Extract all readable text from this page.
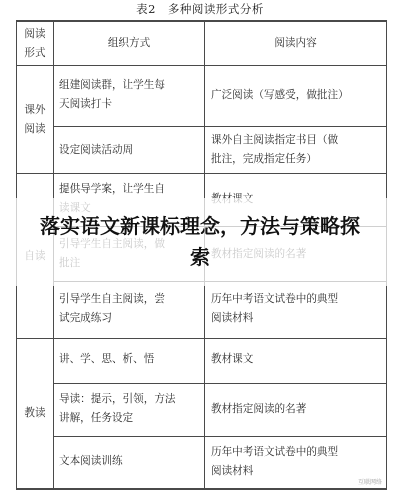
表2　多种阅读形式分析
阅读
形式
组织方式	阅读内容
课外
阅读
组建阅读群，让学生每
天阅读打卡
广泛阅读（写感受，做批注）
设定阅读活动周
课外自主阅读指定书目（做
批注，完成指定任务）
提供导学案，让学生自

引导学生自主阅读，尝
试完成练习
历年中考语文试卷中的典型
阅读材料
教读
讲、学、思、析、悟	教材课文
导读：提示，引领，方法
讲解，任务设定
教材指定阅读的名著
文本阅读训练
历年中考语文试卷中的典型
阅读材料
落实语文新课标理念，方法与策略探索
互联网络
